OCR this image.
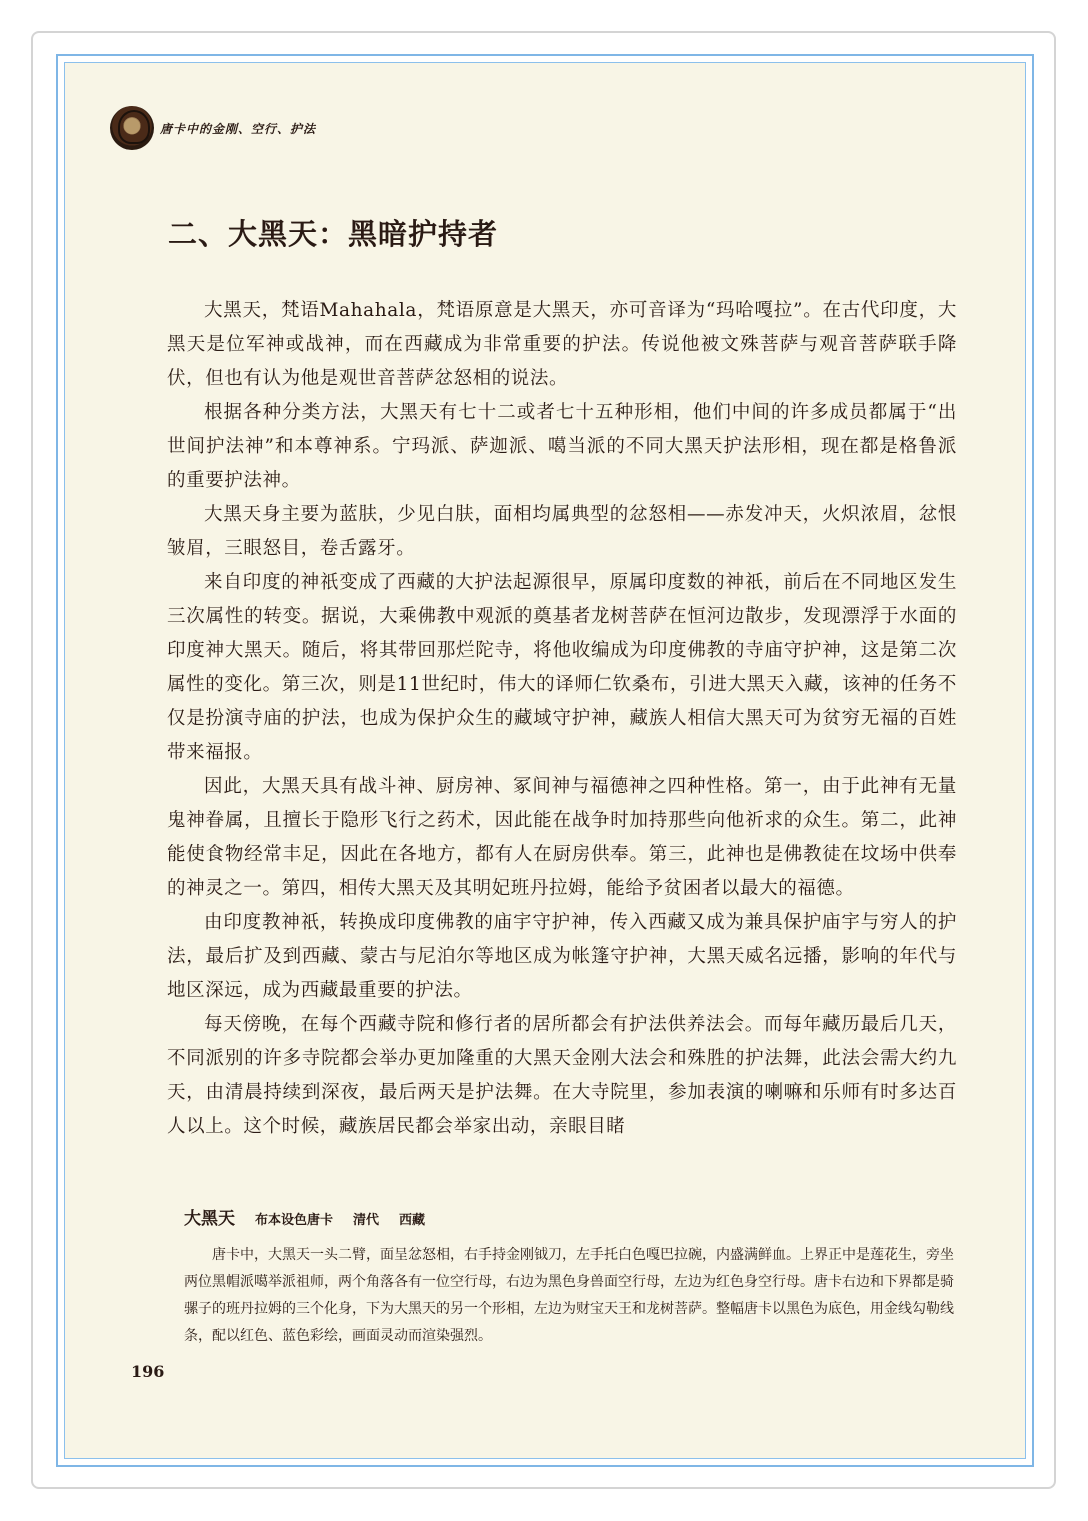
唐卡中的金刚、空行、护法
二、大黑天：黑暗护持者

大黑天，梵语Mahahala，梵语原意是大黑天，亦可音译为“玛哈嘎拉”。在古代印度，大黑天是位军神或战神，而在西藏成为非常重要的护法。传说他被文殊菩萨与观音菩萨联手降伏，但也有认为他是观世音菩萨忿怒相的说法。

根据各种分类方法，大黑天有七十二或者七十五种形相，他们中间的许多成员都属于“出世间护法神”和本尊神系。宁玛派、萨迦派、噶当派的不同大黑天护法形相，现在都是格鲁派的重要护法神。

大黑天身主要为蓝肤，少见白肤，面相均属典型的忿怒相——赤发冲天，火炽浓眉，忿恨皱眉，三眼怒目，卷舌露牙。

来自印度的神祇变成了西藏的大护法起源很早，原属印度数的神祇，前后在不同地区发生三次属性的转变。据说，大乘佛教中观派的奠基者龙树菩萨在恒河边散步，发现漂浮于水面的印度神大黑天。随后，将其带回那烂陀寺，将他收编成为印度佛教的寺庙守护神，这是第二次属性的变化。第三次，则是11世纪时，伟大的译师仁钦桑布，引进大黑天入藏，该神的任务不仅是扮演寺庙的护法，也成为保护众生的藏域守护神，藏族人相信大黑天可为贫穷无福的百姓带来福报。

因此，大黑天具有战斗神、厨房神、冢间神与福德神之四种性格。第一，由于此神有无量鬼神眷属，且擅长于隐形飞行之药术，因此能在战争时加持那些向他祈求的众生。第二，此神能使食物经常丰足，因此在各地方，都有人在厨房供奉。第三，此神也是佛教徒在坟场中供奉的神灵之一。第四，相传大黑天及其明妃班丹拉姆，能给予贫困者以最大的福德。

由印度教神祇，转换成印度佛教的庙宇守护神，传入西藏又成为兼具保护庙宇与穷人的护法，最后扩及到西藏、蒙古与尼泊尔等地区成为帐篷守护神，大黑天威名远播，影响的年代与地区深远，成为西藏最重要的护法。

每天傍晚，在每个西藏寺院和修行者的居所都会有护法供养法会。而每年藏历最后几天，不同派别的许多寺院都会举办更加隆重的大黑天金刚大法会和殊胜的护法舞，此法会需大约九天，由清晨持续到深夜，最后两天是护法舞。在大寺院里，参加表演的喇嘛和乐师有时多达百人以上。这个时候，藏族居民都会举家出动，亲眼目睹

大黑天 布本设色唐卡 清代 西藏

唐卡中，大黑天一头二臂，面呈忿怒相，右手持金刚钺刀，左手托白色嘎巴拉碗，内盛满鲜血。上界正中是莲花生，旁坐两位黑帽派噶举派祖师，两个角落各有一位空行母，右边为黑色身兽面空行母，左边为红色身空行母。唐卡右边和下界都是骑骡子的班丹拉姆的三个化身，下为大黑天的另一个形相，左边为财宝天王和龙树菩萨。整幅唐卡以黑色为底色，用金线勾勒线条，配以红色、蓝色彩绘，画面灵动而渲染强烈。

196
